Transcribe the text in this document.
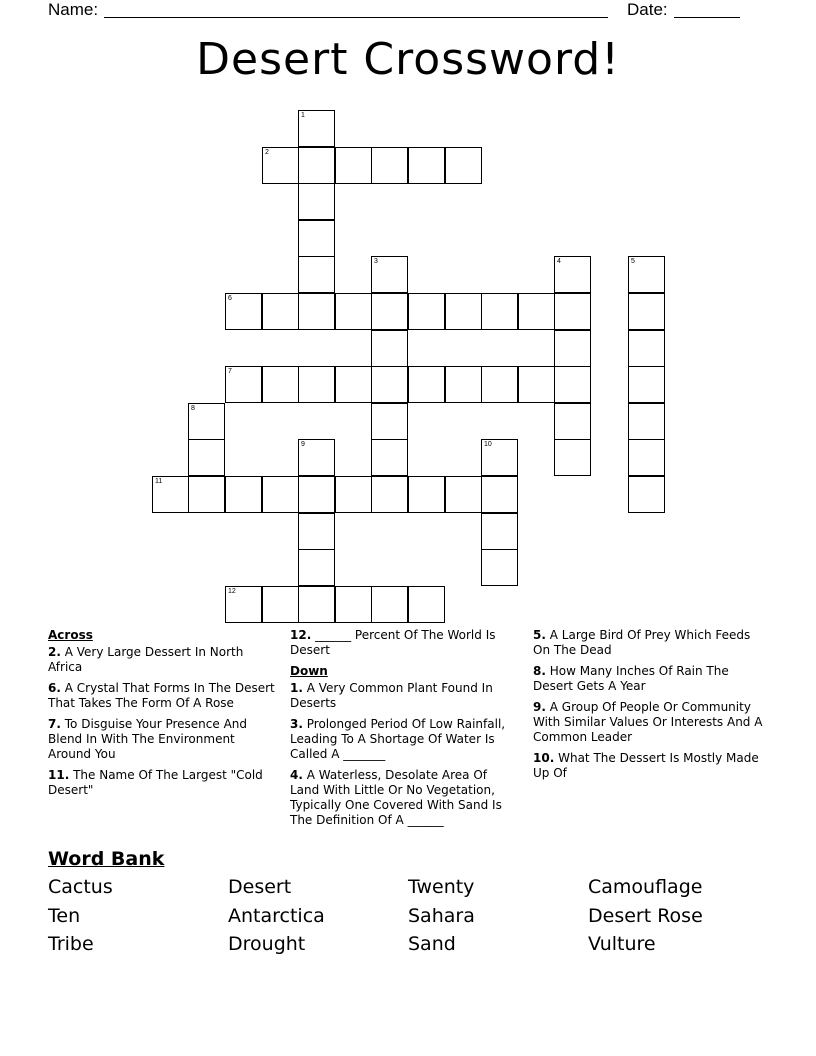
Name:	Date:
Desert Crossword!
1
2
3	4	5
6
7
8
9	10
11
12
Across
2. A Very Large Dessert In North Africa
6. A Crystal That Forms In The Desert That Takes The Form Of A Rose
7. To Disguise Your Presence And Blend In With The Environment Around You
11. The Name Of The Largest "Cold Desert"
12. ______ Percent Of The World Is Desert
Down
1. A Very Common Plant Found In Deserts
3. Prolonged Period Of Low Rainfall, Leading To A Shortage Of Water Is Called A _______
4. A Waterless, Desolate Area Of Land With Little Or No Vegetation, Typically One Covered With Sand Is The Definition Of A ______
5. A Large Bird Of Prey Which Feeds On The Dead
8. How Many Inches Of Rain The Desert Gets A Year
9. A Group Of People Or Community With Similar Values Or Interests And A Common Leader
10. What The Dessert Is Mostly Made Up Of
Word Bank
Cactus	Desert	Twenty	Camouflage
Ten	Antarctica	Sahara	Desert Rose
Tribe	Drought	Sand	Vulture
